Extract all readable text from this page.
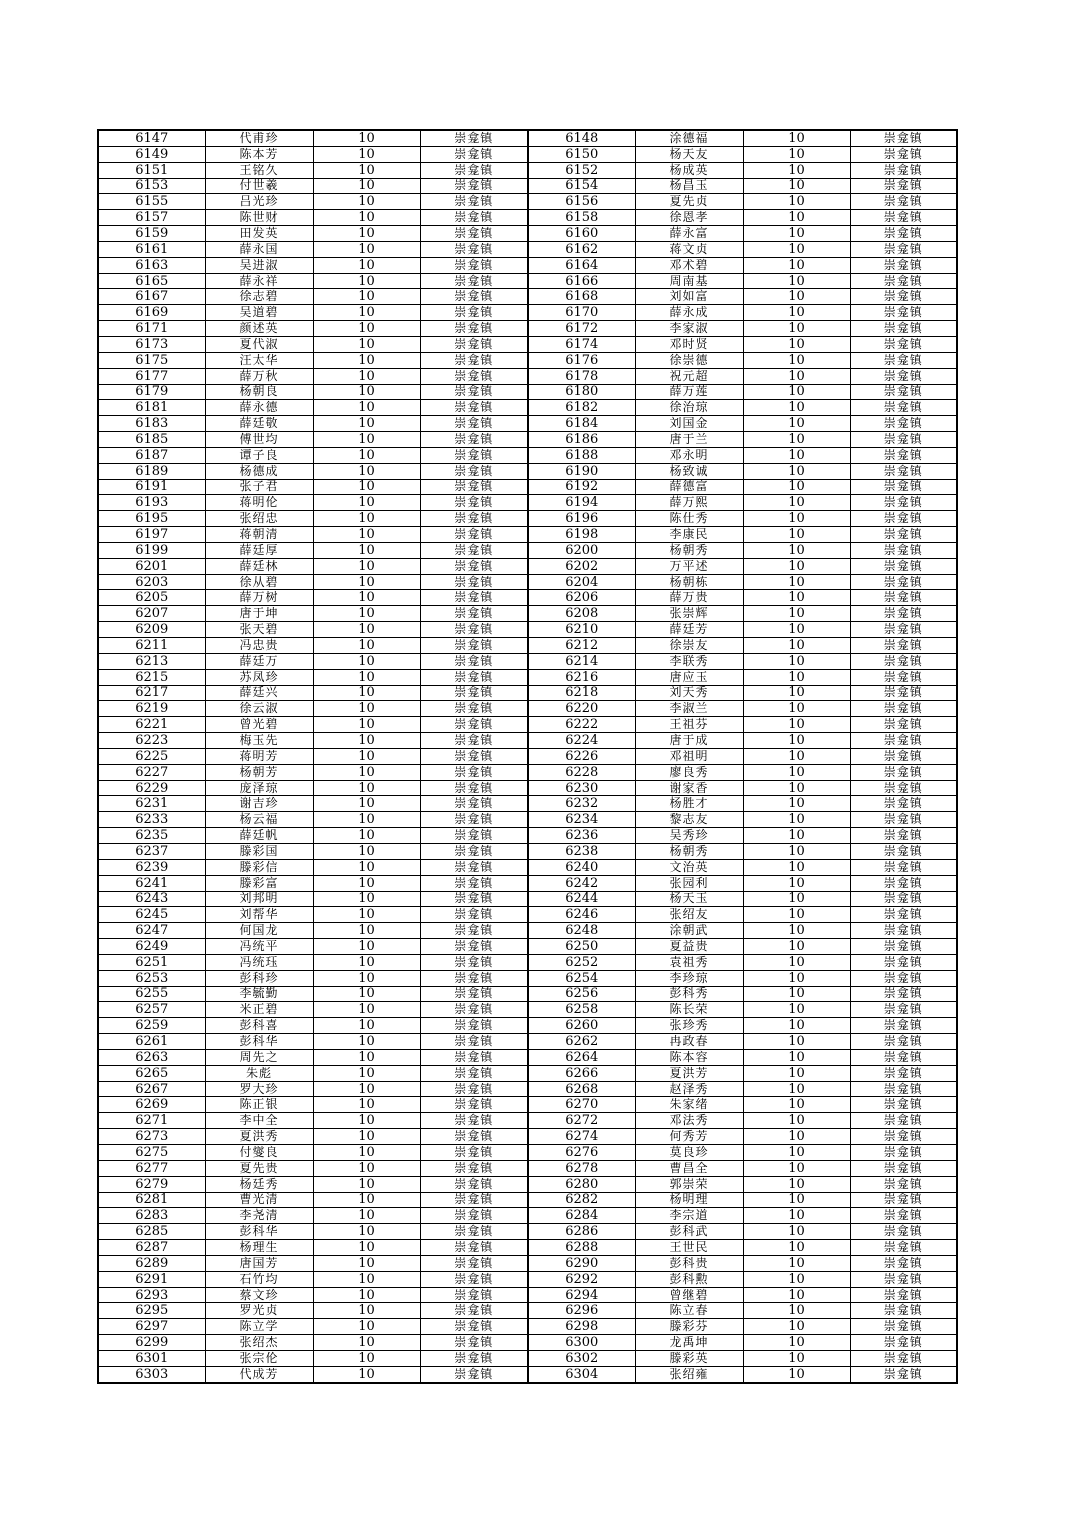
6147	代甫珍	10	崇龛镇	6148	涂德福	10	崇龛镇
6149	陈本芳	10	崇龛镇	6150	杨天友	10	崇龛镇
6151	王铭久	10	崇龛镇	6152	杨成英	10	崇龛镇
6153	付世羲	10	崇龛镇	6154	杨昌玉	10	崇龛镇
6155	吕光珍	10	崇龛镇	6156	夏先贞	10	崇龛镇
6157	陈世财	10	崇龛镇	6158	徐恩孝	10	崇龛镇
6159	田发英	10	崇龛镇	6160	薛永富	10	崇龛镇
6161	薛永国	10	崇龛镇	6162	蒋文贞	10	崇龛镇
6163	吴进淑	10	崇龛镇	6164	邓术碧	10	崇龛镇
6165	薛永祥	10	崇龛镇	6166	周南基	10	崇龛镇
6167	徐志碧	10	崇龛镇	6168	刘如富	10	崇龛镇
6169	吴道碧	10	崇龛镇	6170	薛永成	10	崇龛镇
6171	颜述英	10	崇龛镇	6172	李家淑	10	崇龛镇
6173	夏代淑	10	崇龛镇	6174	邓时贤	10	崇龛镇
6175	汪太华	10	崇龛镇	6176	徐崇德	10	崇龛镇
6177	薛万秋	10	崇龛镇	6178	祝元超	10	崇龛镇
6179	杨朝良	10	崇龛镇	6180	薛万莲	10	崇龛镇
6181	薛永德	10	崇龛镇	6182	徐治琼	10	崇龛镇
6183	薛廷敬	10	崇龛镇	6184	刘国金	10	崇龛镇
6185	傅世均	10	崇龛镇	6186	唐于兰	10	崇龛镇
6187	谭子良	10	崇龛镇	6188	邓永明	10	崇龛镇
6189	杨德成	10	崇龛镇	6190	杨致诚	10	崇龛镇
6191	张子君	10	崇龛镇	6192	薛德富	10	崇龛镇
6193	蒋明伦	10	崇龛镇	6194	薛万熙	10	崇龛镇
6195	张绍忠	10	崇龛镇	6196	陈仕秀	10	崇龛镇
6197	蒋朝清	10	崇龛镇	6198	李康民	10	崇龛镇
6199	薛廷厚	10	崇龛镇	6200	杨朝秀	10	崇龛镇
6201	薛廷林	10	崇龛镇	6202	万平述	10	崇龛镇
6203	徐从碧	10	崇龛镇	6204	杨朝栋	10	崇龛镇
6205	薛万树	10	崇龛镇	6206	薛万贵	10	崇龛镇
6207	唐于坤	10	崇龛镇	6208	张崇辉	10	崇龛镇
6209	张天碧	10	崇龛镇	6210	薛廷芳	10	崇龛镇
6211	冯忠贵	10	崇龛镇	6212	徐崇友	10	崇龛镇
6213	薛廷万	10	崇龛镇	6214	李联秀	10	崇龛镇
6215	苏凤珍	10	崇龛镇	6216	唐应玉	10	崇龛镇
6217	薛廷兴	10	崇龛镇	6218	刘天秀	10	崇龛镇
6219	徐云淑	10	崇龛镇	6220	李淑兰	10	崇龛镇
6221	曾光碧	10	崇龛镇	6222	王祖芬	10	崇龛镇
6223	梅玉先	10	崇龛镇	6224	唐于成	10	崇龛镇
6225	蒋明芳	10	崇龛镇	6226	邓祖明	10	崇龛镇
6227	杨朝芳	10	崇龛镇	6228	廖良秀	10	崇龛镇
6229	庞泽琼	10	崇龛镇	6230	谢家香	10	崇龛镇
6231	谢吉珍	10	崇龛镇	6232	杨胜才	10	崇龛镇
6233	杨云福	10	崇龛镇	6234	黎志友	10	崇龛镇
6235	薛廷帆	10	崇龛镇	6236	吴秀珍	10	崇龛镇
6237	滕彩国	10	崇龛镇	6238	杨朝秀	10	崇龛镇
6239	滕彩信	10	崇龛镇	6240	文治英	10	崇龛镇
6241	滕彩富	10	崇龛镇	6242	张园利	10	崇龛镇
6243	刘邦明	10	崇龛镇	6244	杨天玉	10	崇龛镇
6245	刘帮华	10	崇龛镇	6246	张绍友	10	崇龛镇
6247	何国龙	10	崇龛镇	6248	涂朝武	10	崇龛镇
6249	冯统平	10	崇龛镇	6250	夏益贵	10	崇龛镇
6251	冯统珏	10	崇龛镇	6252	袁祖秀	10	崇龛镇
6253	彭科珍	10	崇龛镇	6254	李珍琼	10	崇龛镇
6255	李毓勤	10	崇龛镇	6256	彭科秀	10	崇龛镇
6257	米正碧	10	崇龛镇	6258	陈长荣	10	崇龛镇
6259	彭科喜	10	崇龛镇	6260	张珍秀	10	崇龛镇
6261	彭科华	10	崇龛镇	6262	冉政春	10	崇龛镇
6263	周先之	10	崇龛镇	6264	陈本容	10	崇龛镇
6265	朱彪	10	崇龛镇	6266	夏洪芳	10	崇龛镇
6267	罗大珍	10	崇龛镇	6268	赵泽秀	10	崇龛镇
6269	陈正银	10	崇龛镇	6270	朱家绪	10	崇龛镇
6271	李中全	10	崇龛镇	6272	邓法秀	10	崇龛镇
6273	夏洪秀	10	崇龛镇	6274	何秀芳	10	崇龛镇
6275	付燮良	10	崇龛镇	6276	莫良珍	10	崇龛镇
6277	夏先贵	10	崇龛镇	6278	曹昌全	10	崇龛镇
6279	杨廷秀	10	崇龛镇	6280	郭崇荣	10	崇龛镇
6281	曹光清	10	崇龛镇	6282	杨明理	10	崇龛镇
6283	李尧清	10	崇龛镇	6284	李宗道	10	崇龛镇
6285	彭科华	10	崇龛镇	6286	彭科武	10	崇龛镇
6287	杨理生	10	崇龛镇	6288	王世民	10	崇龛镇
6289	唐国芳	10	崇龛镇	6290	彭科贵	10	崇龛镇
6291	石竹均	10	崇龛镇	6292	彭科勲	10	崇龛镇
6293	蔡文珍	10	崇龛镇	6294	曾继碧	10	崇龛镇
6295	罗光贞	10	崇龛镇	6296	陈立春	10	崇龛镇
6297	陈立学	10	崇龛镇	6298	滕彩芬	10	崇龛镇
6299	张绍杰	10	崇龛镇	6300	龙禹坤	10	崇龛镇
6301	张宗伦	10	崇龛镇	6302	滕彩英	10	崇龛镇
6303	代成芳	10	崇龛镇	6304	张绍雍	10	崇龛镇
